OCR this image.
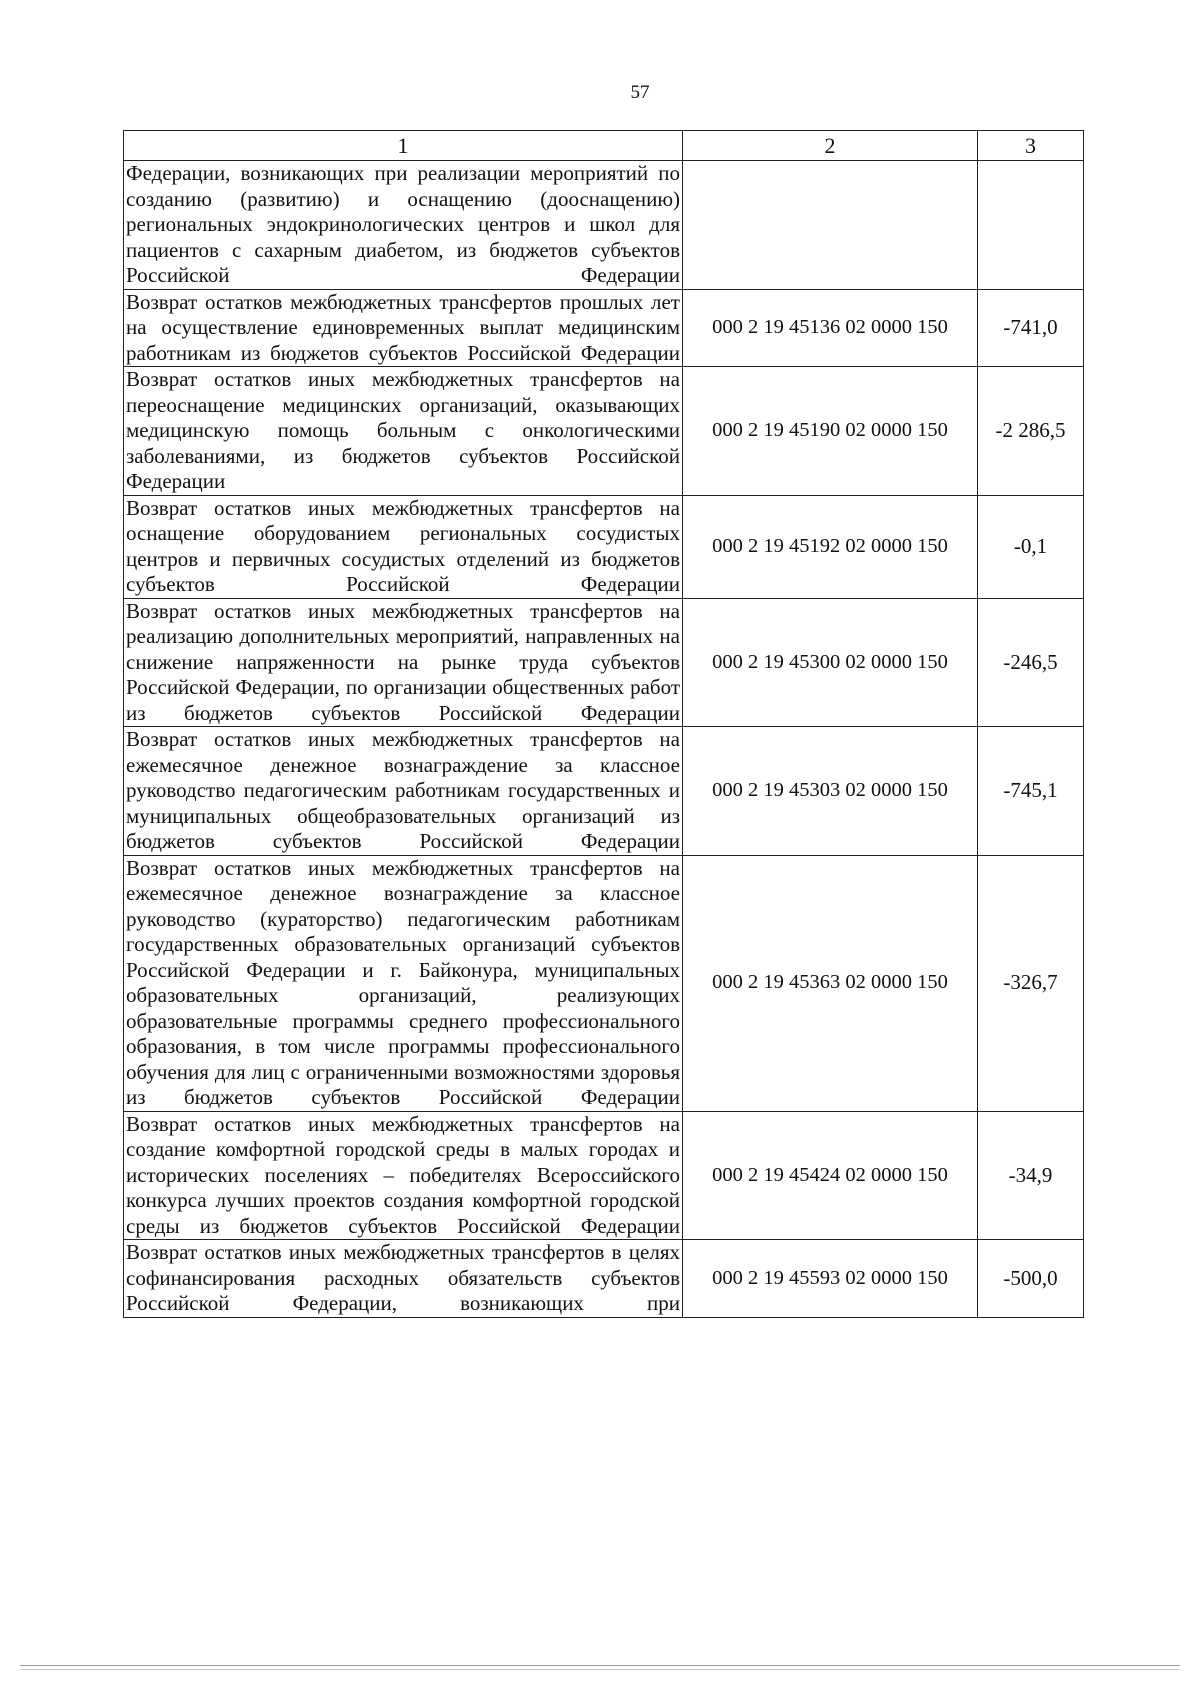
57
1	2	3

Федерации, возникающих при реализации мероприятий по созданию (развитию) и оснащению (дооснащению) региональных эндокринологических центров и школ для пациентов с сахарным диабетом, из бюджетов субъектов Российской Федерации		

Возврат остатков межбюджетных трансфертов прошлых лет на осуществление единовременных выплат медицинским работникам из бюджетов субъектов Российской Федерации	000 2 19 45136 02 0000 150	-741,0

Возврат остатков иных межбюджетных трансфертов на переоснащение медицинских организаций, оказывающих медицинскую помощь больным с онкологическими заболеваниями, из бюджетов субъектов Российской Федерации	000 2 19 45190 02 0000 150	-2 286,5

Возврат остатков иных межбюджетных трансфертов на оснащение оборудованием региональных сосудистых центров и первичных сосудистых отделений из бюджетов субъектов Российской Федерации	000 2 19 45192 02 0000 150	-0,1

Возврат остатков иных межбюджетных трансфертов на реализацию дополнительных мероприятий, направленных на снижение напряженности на рынке труда субъектов Российской Федерации, по организации общественных работ из бюджетов субъектов Российской Федерации	000 2 19 45300 02 0000 150	-246,5

Возврат остатков иных межбюджетных трансфертов на ежемесячное денежное вознаграждение за классное руководство педагогическим работникам государственных и муниципальных общеобразовательных организаций из бюджетов субъектов Российской Федерации	000 2 19 45303 02 0000 150	-745,1

Возврат остатков иных межбюджетных трансфертов на ежемесячное денежное вознаграждение за классное руководство (кураторство) педагогическим работникам государственных образовательных организаций субъектов Российской Федерации и г. Байконура, муниципальных образовательных организаций, реализующих образовательные программы среднего профессионального образования, в том числе программы профессионального обучения для лиц с ограниченными возможностями здоровья из бюджетов субъектов Российской Федерации	000 2 19 45363 02 0000 150	-326,7

Возврат остатков иных межбюджетных трансфертов на создание комфортной городской среды в малых городах и исторических поселениях – победителях Всероссийского конкурса лучших проектов создания комфортной городской среды из бюджетов субъектов Российской Федерации	000 2 19 45424 02 0000 150	-34,9

Возврат остатков иных межбюджетных трансфертов в целях софинансирования расходных обязательств субъектов Российской Федерации, возникающих при	000 2 19 45593 02 0000 150	-500,0
